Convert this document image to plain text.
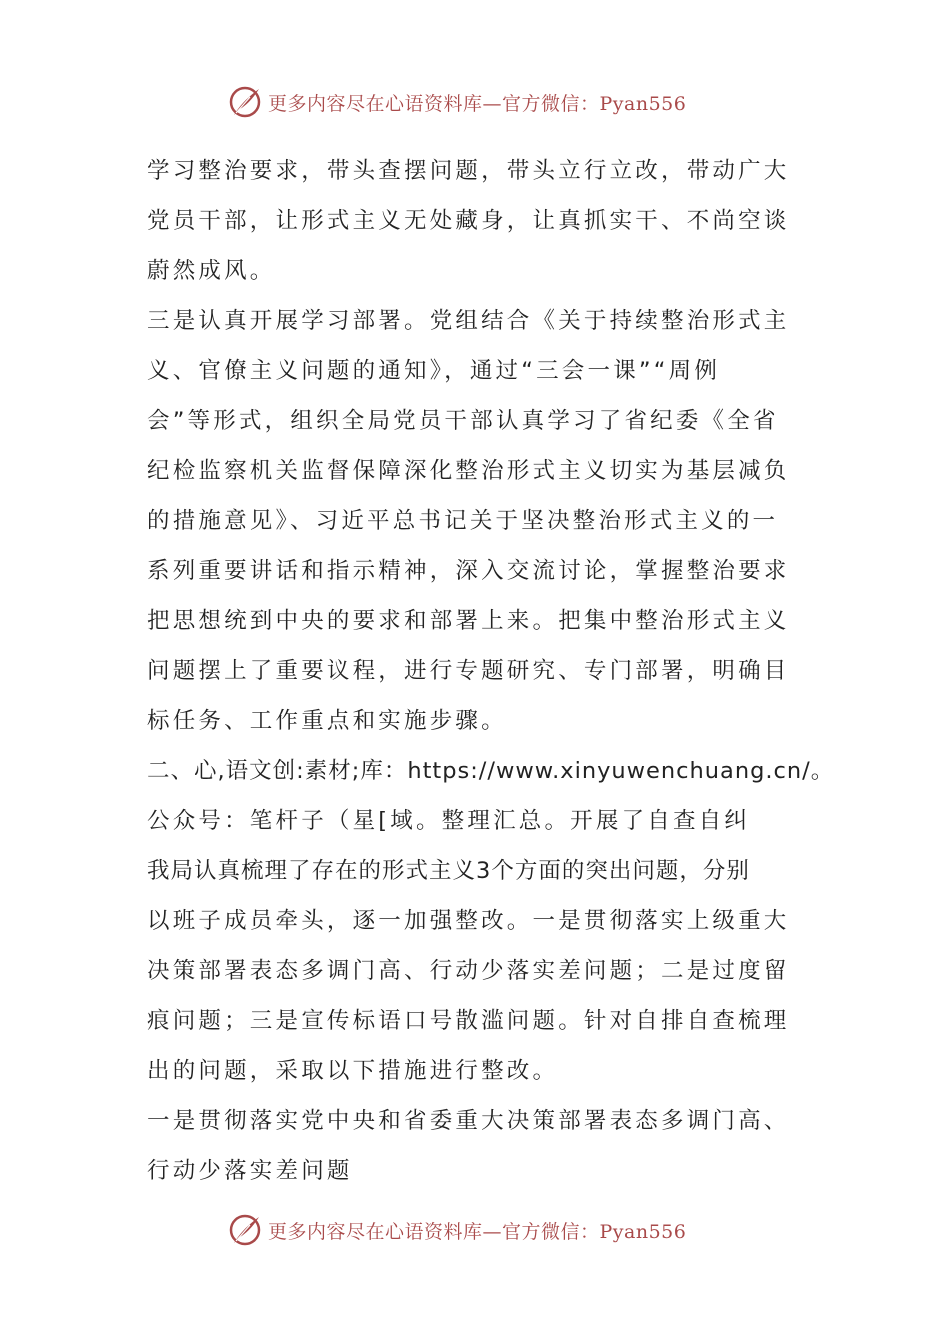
更多内容尽在心语资料库—官方微信：Pyan556

学习整治要求，带头查摆问题，带头立行立改，带动广大

党员干部，让形式主义无处藏身，让真抓实干、不尚空谈

蔚然成风。

三是认真开展学习部署。党组结合《关于持续整治形式主

义、官僚主义问题的通知》，通过“三会一课”“周例

会”等形式，组织全局党员干部认真学习了省纪委《全省

纪检监察机关监督保障深化整治形式主义切实为基层减负

的措施意见》、习近平总书记关于坚决整治形式主义的一

系列重要讲话和指示精神，深入交流讨论，掌握整治要求

把思想统到中央的要求和部署上来。把集中整治形式主义

问题摆上了重要议程，进行专题研究、专门部署，明确目

标任务、工作重点和实施步骤。

二、心,语文创:素材;库：https://www.xinyuwenchuang.cn/。

公众号：笔杆子（星[域。整理汇总。开展了自查自纠

我局认真梳理了存在的形式主义3个方面的突出问题，分别

以班子成员牵头，逐一加强整改。一是贯彻落实上级重大

决策部署表态多调门高、行动少落实差问题；二是过度留

痕问题；三是宣传标语口号散滥问题。针对自排自查梳理

出的问题，采取以下措施进行整改。

一是贯彻落实党中央和省委重大决策部署表态多调门高、

行动少落实差问题

更多内容尽在心语资料库—官方微信：Pyan556
